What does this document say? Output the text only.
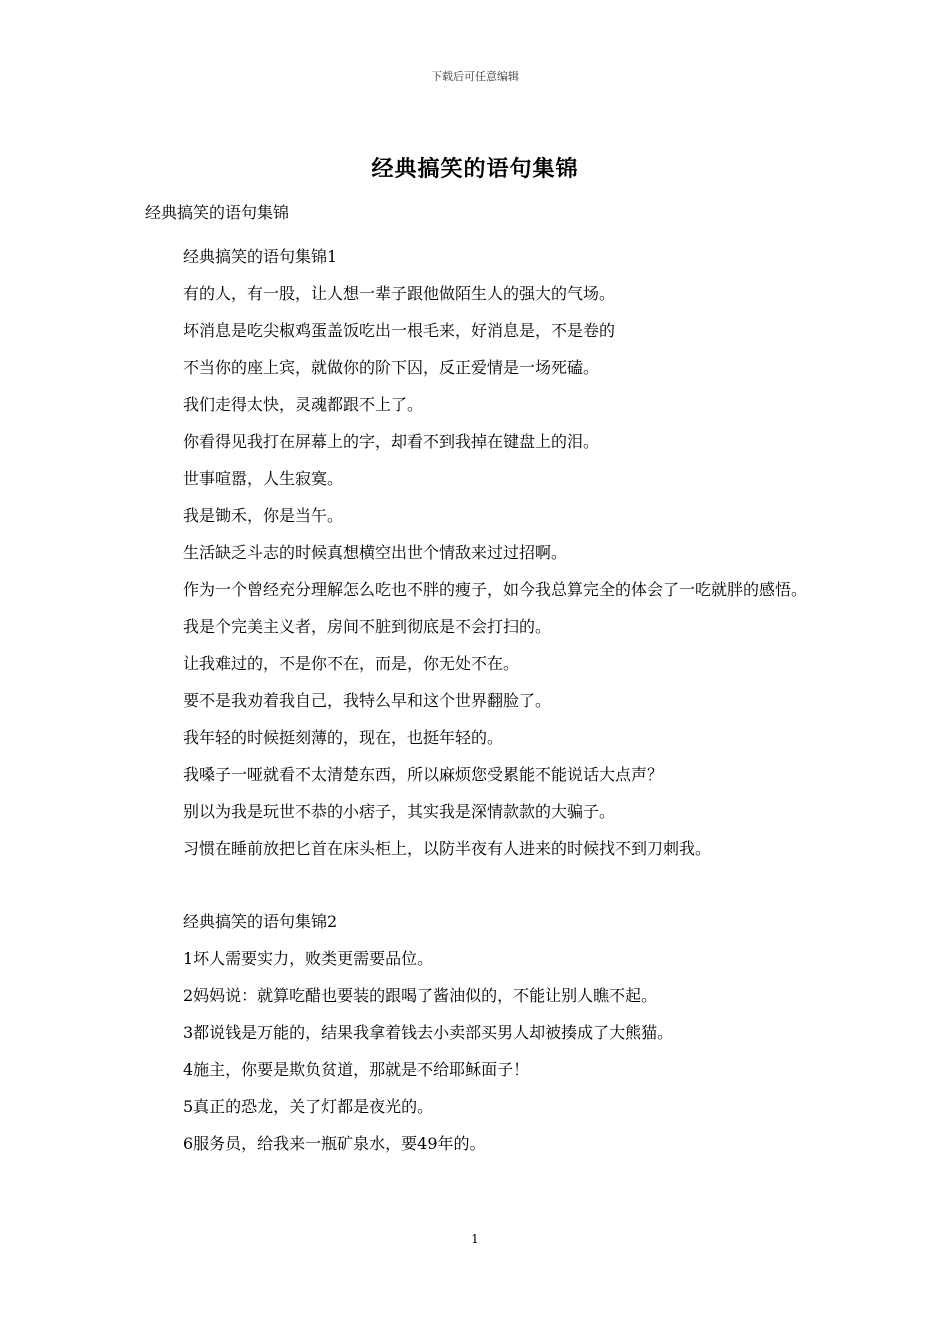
下载后可任意编辑
经典搞笑的语句集锦
经典搞笑的语句集锦

经典搞笑的语句集锦1

有的人，有一股，让人想一辈子跟他做陌生人的强大的气场。

坏消息是吃尖椒鸡蛋盖饭吃出一根毛来，好消息是，不是卷的

不当你的座上宾，就做你的阶下囚，反正爱情是一场死磕。

我们走得太快，灵魂都跟不上了。

你看得见我打在屏幕上的字，却看不到我掉在键盘上的泪。

世事喧嚣，人生寂寞。

我是锄禾，你是当午。

生活缺乏斗志的时候真想横空出世个情敌来过过招啊。

作为一个曾经充分理解怎么吃也不胖的瘦子，如今我总算完全的体会了一吃就胖的感悟。

我是个完美主义者，房间不脏到彻底是不会打扫的。

让我难过的，不是你不在，而是，你无处不在。

要不是我劝着我自己，我特么早和这个世界翻脸了。

我年轻的时候挺刻薄的，现在，也挺年轻的。

我嗓子一哑就看不太清楚东西，所以麻烦您受累能不能说话大点声？

别以为我是玩世不恭的小痞子，其实我是深情款款的大骗子。

习惯在睡前放把匕首在床头柜上，以防半夜有人进来的时候找不到刀刺我。

经典搞笑的语句集锦2

1坏人需要实力，败类更需要品位。

2妈妈说：就算吃醋也要装的跟喝了酱油似的，不能让别人瞧不起。

3都说钱是万能的，结果我拿着钱去小卖部买男人却被揍成了大熊猫。

4施主，你要是欺负贫道，那就是不给耶稣面子！

5真正的恐龙，关了灯都是夜光的。

6服务员，给我来一瓶矿泉水，要49年的。

1
